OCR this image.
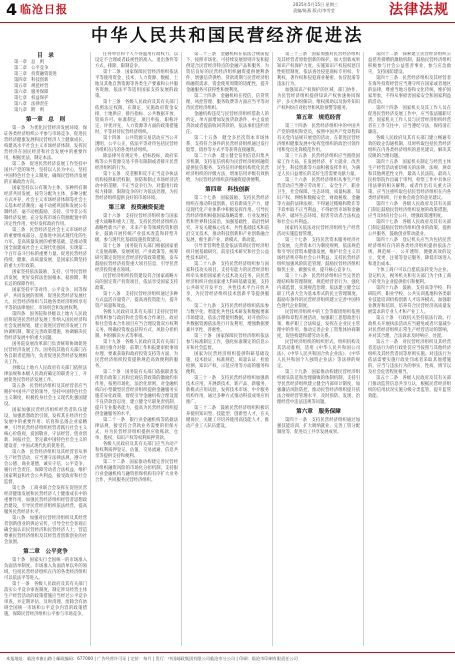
4 临沧日报	2025年5月15日 星期三
责编/陈燕 版式/李雪莹	法律法规
中华人民共和国民营经济促进法
目　录
第一章　总　则
第二章　公平竞争
第三章　投资融资促进
第四章　科技创新
第五章　规范经营
第六章　服务保障
第七章　权益保护
第八章　法律责任
第九章　附　则
第一章　总　则

第一条　为优化民营经济发展环境，保证各类经济组织公平参与市场竞争，促进民营经济健康发展和民营经济人士健康成长，构建高水平社会主义市场经济体制，发挥民营经济在国民经济和社会发展中的重要作用，根据宪法，制定本法。

第二条　促进民营经济发展工作坚持中国共产党的领导，坚持以人民为中心，坚持中国特色社会主义制度，确保民营经济发展的正确政治方向。

国家坚持以公有制为主体、多种所有制经济共同发展，按劳分配为主体、多种分配方式并存，社会主义市场经济体制等社会主义基本经济制度；毫不动摇巩固和发展公有制经济，毫不动摇鼓励、支持、引导非公有制经济发展；充分发挥市场在资源配置中的决定性作用，更好发挥政府作用。

第三条　民营经济是社会主义市场经济的重要组成部分，是推进中国式现代化的生力军，是高质量发展的重要基础，是推动我国全面建成社会主义现代化强国、实现第二个百年奋斗目标的重要力量。促进民营经济持续、健康、高质量发展，是国家长期坚持的重大方针政策。

国家坚持依法鼓励、支持、引导民营经济发展，更好发挥法治固根本、稳预期、利长远的保障作用。

国家坚持平等对待、公平竞争、同等保护、共同发展的原则，促进民营经济发展壮大。民营经济组织与其他各类经济组织享有平等的法律地位、市场机会和发展权利。

第四条　国务院和县级以上地方人民政府将促进民营经济发展工作纳入国民经济和社会发展规划，建立促进民营经济发展工作协调机制，制定完善政策措施，协调解决民营经济发展中的重大问题。

国务院发展改革部门负责统筹协调促进民营经济发展工作。国务院其他有关部门在各自职责范围内，负责促进民营经济发展相关工作。

县级以上地方人民政府有关部门依照法律法规和本级人民政府确定的职责分工，开展促进民营经济发展工作。

第五条　民营经济组织及其经营者应当拥护中国共产党的领导，坚持中国特色社会主义制度，积极投身社会主义现代化强国建设。

国家加强民营经济组织经营者队伍建设，加强思想政治引领，发挥其在经济社会发展中的重要作用；培育和弘扬企业家精神，引导民营经济组织经营者践行社会主义核心价值观，爱国敬业、守法经营、创业创新、回报社会，坚定做中国特色社会主义的建设者、中国式现代化的促进者。

第六条　民营经济组织及其经营者从事生产经营活动，应当遵守法律法规，遵守社会公德、商业道德，诚实守信、公平竞争，履行社会责任，保障劳动者合法权益，维护国家利益和社会公共利益，接受政府和社会监督。

第七条　工商业联合会发挥在促进民营经济健康发展和民营经济人士健康成长中的重要作用，加强民营经济组织经营者思想政治建设，引导民营经济组织依法经营，提高服务民营经济水平。

第八条　加强对民营经济组织及其经营者创新创业的舆论宣传，引导全社会客观正确全面认识民营经济和民营经济人士，营造尊重民营经济组织及其经营者创新创业的社会氛围。

第二章　公平竞争

第十条　国家实行全国统一的市场准入负面清单制度。市场准入负面清单以外的领域，包括民营经济组织在内的各类经济组织可以依法平等进入。

第十一条　各级人民政府及其有关部门落实公平竞争审查制度，制定涉及经营主体生产经营活动的政策措施应当经过公平竞争审查，并定期评估、及时清理、废除含有妨碍全国统一市场和公平竞争内容的政策措施，保障民营经济组织公平参与市场竞争。

任何单位和个人不得滥用行政权力，以设定不合理或者歧视性的准入、退出条件等方式，排除、限制竞争。

第十二条　国家保障民营经济组织依法平等使用资金、技术、人力资源、数据、土地及其他自然资源等各类生产要素和公共服务资源，依法平等适用国家支持发展的政策。

第十三条　各级人民政府及其有关部门依照法定权限，在制定、实施政府资金安排、土地供应、排污指标、公共数据开放、资质许可、标准制定、项目申报、职称评定、评优评先、人力资源等方面的政策措施时，平等对待民营经济组织。

第十四条　公共资源交易活动应当公开透明、公平公正，依法平等对待包括民营经济组织在内的各类经济组织。

除法律另有规定外，招标投标、政府采购等公共资源交易不得有限制或者排斥民营经济组织的行为。

第十五条　反垄断和反不正当竞争执法机构按照职责权限，预防和制止市场经济活动中的垄断、不正当竞争行为，对滥用行政权力排除、限制竞争的行为依法处理，为民营经济组织提供良好的市场环境。

第三章　投资融资促进

第十六条　支持民营经济组织参与国家重大战略和重大工程。支持民营经济组织在战略性新兴产业、未来产业等领域投资和创业，鼓励开展传统产业技术改造和转型升级，参与现代化基础设施投资建设。

第十七条　国务院有关部门根据国家重大发展战略、发展规划、产业政策等，统筹研究制定促进民营经济投资政策措施，发布鼓励民营经济投资重大项目信息，引导民营经济投资重点领域。

民营经济组织投资建设符合国家战略方向的固定资产投资项目，依法享受国家支持政策。

第十八条　支持民营经济组织通过多种方式盘活存量资产，提高再投资能力，提升资产质量和效益。

各级人民政府及其有关部门支持民营经济组织参与政府和社会资本合作项目。政府和社会资本合作项目应当合理设置双方权利义务，明确投资收益获得方式、风险分担机制、纠纷解决方式等事项。

第十九条　各级人民政府及其有关部门在项目推介对接、前期工作和报建审批事项办理、要素获取和政府投资支持等方面，为民营经济组织投资提供规范高效便利的服务。

第二十条　国务院有关部门依据职责发挥货币政策工具和宏观信贷政策的激励约束作用，按照市场化、法治化原则，对金融机构向小型微型民营经济组织提供金融服务实施差异化政策，督促引导金融机构合理设置不良贷款容忍度、建立健全尽职免责机制、提升专业服务能力，提高为民营经济组织提供金融服务的水平。

第二十一条　银行业金融机构等依据法律法规，接受符合贷款业务需要的担保方式，并为民营经济组织提供应收账款、仓单、股权、知识产权等权利质押贷款。

各级人民政府及其有关部门应当为动产和权利质押登记、估值、交易流通、信息共享等提供支持和便利。

第二十二条　国家推动构建完善民营经济组织融资风险的市场化分担机制，支持银行业金融机构与融资担保机构有序扩大业务合作，共同服务民营经济组织。

第二十三条　金融机构在依法合规前提下，按照市场化、可持续发展原则开发和提供适合民营经济特点的金融产品和服务，为资信良好的民营经济组织融资提供便利条件，增强信贷供给、贷款周期与民营经济组织融资需求、资金使用周期的适配性，提升金融服务可获得性和便利度。

第二十四条　金融机构在授信、信贷管理、风控管理、服务收费等方面应当平等对待民营经济组织。

金融机构违反与民营经济组织借款人的约定，单方面增加发放贷款条件、中止发放贷款或者提前收回贷款的，依法承担违约责任。

第二十五条　健全多层次资本市场体系，支持符合条件的民营经济组织通过发行股票、债券等方式平等获得直接融资。

第二十六条　建立健全信用信息归集共享机制，支持征信机构为民营经济组织融资提供征信服务，支持信用评级机构优化民营经济组织的评级方法，增加信用评级有效供给，为民营经济组织获得融资提供便利。

第四章　科技创新

第二十七条　国家鼓励、支持民营经济组织在推动科技创新、培育新质生产力、建设现代化产业体系中积极发挥作用。引导民营经济组织根据国家战略需要、行业发展趋势和世界科技前沿，加强基础性、前沿性研究，开发关键核心技术、共性基础技术和前沿交叉技术，推动科技创新和产业创新融合发展，催生新产业、新模式、新动能。

引导非营利性基金依法资助民营经济组织开展基础研究、前沿技术研究和社会公益性技术研究。

第二十八条　支持民营经济组织参与国家科技攻关项目，支持有能力的民营经济组织牵头承担国家重大技术攻关任务，向民营经济组织开放国家重大科研基础设施，支持公共研究开发平台、共性技术平台开放共享，为民营经济组织技术创新平等提供服务。

第二十九条　支持民营经济组织依法参与数字化、智能化共性技术研发和数据要素市场建设，依法合理使用数据，对开放的公共数据资源依法进行开发利用，增强数据要素共享性、普惠性。

第三十条　国家保障民营经济组织依法参与标准制定工作，强化标准制定的信息公开和社会监督。

国家为民营经济组织提供科研基础设施、技术验证、标准规范、质量认证、检验检测、知识产权、示范应用等方面的服务和便利。

第三十一条　支持民营经济组织加强新技术应用，开展新技术、新产品、新服务、新模式应用试验，发挥技术市场、中介服务机构作用，通过多种方式推动科技成果应用推广。

第三十二条　鼓励民营经济组织积极培养使用知识型、技能型、创新型人才，在关键岗位、关键工序培养使用高技能人才，推动产业工人队伍建设。

第三十三条　国家加强对民营经济组织及其经营者原始创新的保护。加大创新成果知识产权保护力度，实施知识产权侵权惩罚性赔偿制度，依法查处侵犯商标专用权、专利权、著作权和侵犯商业秘密、仿冒混淆等违法行为。

加强知识产权保护的区域、部门协作，为民营经济组织提供知识产权快速协同保护、多元纠纷解决、维权援助以及海外知识产权纠纷应对指导和风险预警等服务。

第五章　规范经营

第三十四条　民营经济组织中的中国共产党的组织和党员，按照中国共产党章程和有关党内法规开展党的活动，在促进民营经济组织健康发展中发挥党组织的政治引领作用和党员先锋模范作用。

第三十五条　民营经济组织应当围绕国家工作大局，在发展经济、扩大就业、改善民生、科技创新等方面积极发挥作用，为满足人民日益增长的美好生活需要贡献力量。

第三十六条　民营经济组织从事生产经营活动应当遵守劳动用工、安全生产、职业卫生、社会保障、生态环境、质量标准、知识产权、网络和数据安全、财政税收、金融等方面的法律法规；不得通过贿赂和欺诈等手段牟取不正当利益，不得妨害市场和金融秩序、破坏生态环境、损害劳动者合法权益和社会公共利益。

国家机关依法对民营经济组织生产经营活动实施监督管理。

第三十七条　支持民营资本服务经济社会发展，完善资本行为制度规则，依法规范和引导民营资本健康发展，维护社会主义市场经济秩序和社会公共利益。支持民营经济组织加强风险防范管理，鼓励民营经济组织做优主业、做强实业，提升核心竞争力。

第三十八条　民营经济组织应当完善治理结构和管理制度、规范经营者行为、强化内部监督，实现规范治理；依法建立健全以职工代表大会为基本形式的民主管理制度。鼓励有条件的民营经济组织建立完善中国特色现代企业制度。

民营经济组织中的工会等群团组织依照法律和章程开展活动，加强职工思想政治引领，维护职工合法权益，发挥在企业民主管理中的作用，推动完善企业工资集体协商制度，促进构建和谐劳动关系。

民营经济组织的组织形式、组织机构及其活动准则，适用《中华人民共和国公司法》、《中华人民共和国合伙企业法》、《中华人民共和国个人独资企业法》等法律的规定。

第三十九条　国家推动构建民营经济组织源头防范和治理腐败的体制机制，支持引导民营经济组织建立健全内部审计制度，加强廉洁风险防控，推动民营经济组织提升依法合规经营管理水平，及时预防、发现、治理经营中违法违规等问题。

第六章　服务保障

第四十一条　支持民营经济组织通过加强技能培训、扩大吸纳就业、完善工资分配制度等，促进员工共享发展成果。

第四十二条　探索建立民营经济组织公益慈善捐赠的激励机制，鼓励民营经济组织积极参与社会公益慈善事业，参与应急救灾，支持国防建设。

第四十三条　民营经济组织及其经营者在海外投资经营应当遵守所在国家或者地区的法律，尊重当地习俗和文化传统，维护国家形象，不得从事损害国家安全和国家利益的活动。

第四十四条　国家机关及其工作人员在促进民营经济发展工作中，应当依法履职尽责。国家机关工作人员与民营经济组织经营者在工作交往中，应当遵纪守法，保持清正廉洁。

各级人民政府及其有关部门建立畅通有效的政企沟通机制，及时听取包括民营经济组织在内各类经济组织的意见建议，解决其反映的合理问题。

第四十五条　国家机关制定与经营主体生产经营活动密切相关的法律、法规、规章和其他规范性文件，最高人民法院、最高人民检察院作出属于审判、检察工作中具体应用法律的相关解释，或者作出有关重大决策，应当注重听取包括民营经济组织在内各类经济组织、行业协会商会的意见建议。

第四十六条　各级人民政府及其有关部门制定鼓励民营经济组织发展的政策措施，应当及时向社会公开，增强政策透明度。

第四十七条　各级人民政府及其有关部门制定鼓励民营经济组织创业的政策，提供公共服务，鼓励创业带动就业。

第四十八条　登记机关应当为包括民营经济组织在内的各类经济组织提供依法合规、规范统一、公开透明、便捷高效的设立、变更、注销等登记服务，降低市场进入和退出成本。

个体工商户可以自愿依法转变为企业。登记机关、税务机关和有关部门为个体工商户转变为企业提供指引和便利。

第四十九条　鼓励、支持高等学校、科研院所、职业学校、公共实训基地和各类职业技能培训机构创新人才培养模式，加强职业教育和培训，培养符合民营经济高质量发展需求的专业人才和产业工人。

第五十条　行政机关坚持依法行政。行政机关开展执法活动应当避免或者尽量减少对民营经济组织正常生产经营活动的影响，并对其合理、合法诉求及时响应、处置。

第五十一条　对民营经济组织及其经营者违法行为的行政处罚应当按照与其他经济组织及其经营者同等原则实施。对违法行为依法需要实施行政处罚或者采取其他措施的，应当与违法行为的事实、性质、情节以及社会危害程度相当。

第五十二条　各级人民政府及其有关部门推动监管信息共享互认，根据民营经济组织的信用状况实施分级分类监管，提升监管效能。

本报地址：临沧市旗山路 | 邮政编码：677000 | 广告经营许可证 | 定价：每月 | 发行：中国邮政集团有限公司临沧市分公司 | 印刷：临沧市印刷有限责任公司
